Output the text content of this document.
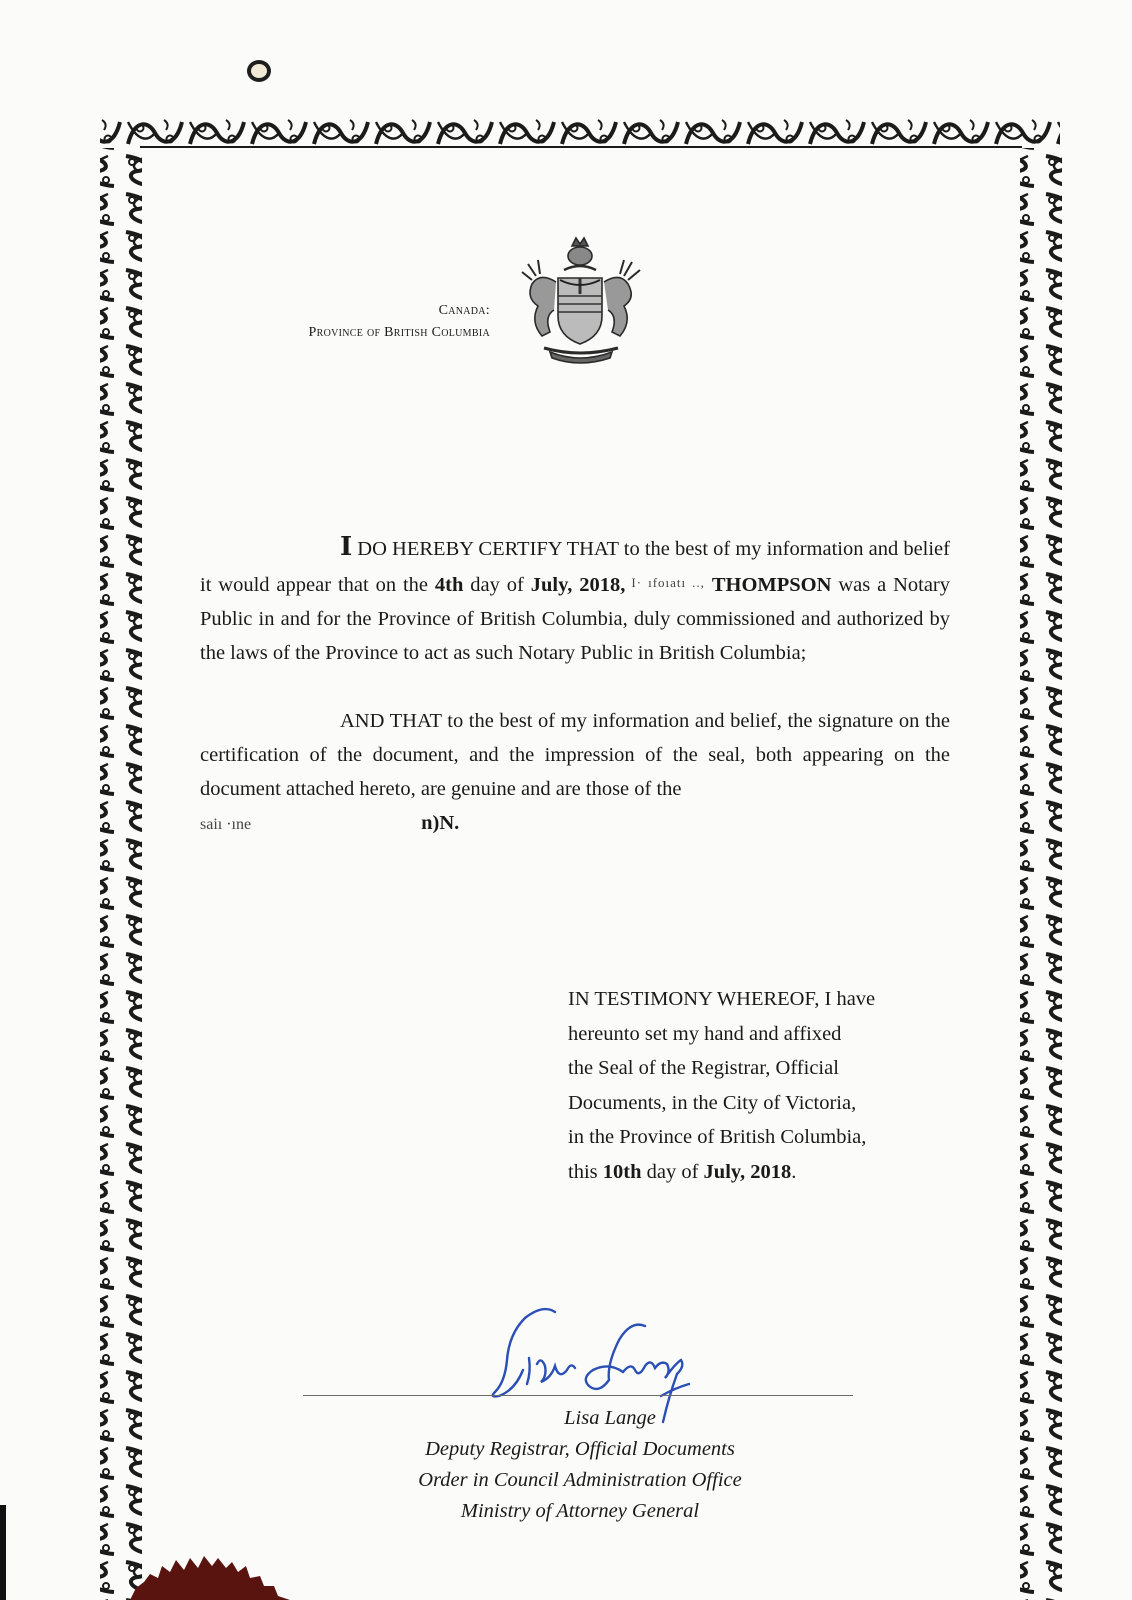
Canada:
Province of British Columbia

I DO HEREBY CERTIFY THAT to the best of my information and belief it would appear that on the 4th day of July, 2018, I· ıfoı$^{atı}$ .., THOMPSON was a Notary Public in and for the Province of British Columbia, duly commissioned and authorized by the laws of the Province to act as such Notary Public in British Columbia;

AND THAT to the best of my information and belief, the signature on the certification of the document, and the impression of the seal, both appearing on the document attached hereto, are genuine and are those of the
saiı ·ıne	n)N.

IN TESTIMONY WHEREOF, I have
hereunto set my hand and affixed
the Seal of the Registrar, Official
Documents, in the City of Victoria,
in the Province of British Columbia,
this 10th day of July, 2018.
Lisa Lange
Deputy Registrar, Official Documents
Order in Council Administration Office
Ministry of Attorney General
